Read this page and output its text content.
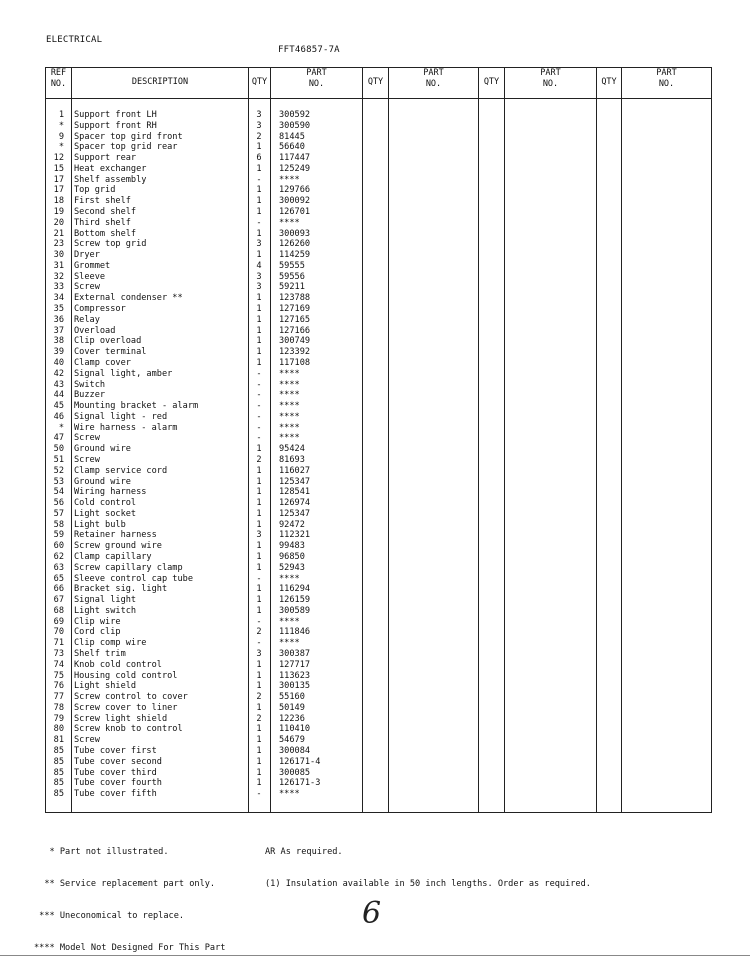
ELECTRICAL
FFT46857-7A
REF
NO.	DESCRIPTION	QTY
PART
NO.	QTY
PART
NO.	QTY
PART
NO.	QTY
PART
NO.
1 Support front LH	3	300592
* Support front RH	3	300590
9 Spacer top gird front	2	81445
* Spacer top grid rear	1	56640
12 Support rear	6	117447
15 Heat exchanger	1	125249
17 Shelf assembly	-	****
17 Top grid	1	129766
18 First shelf	1	300092
19 Second shelf	1	126701
20 Third shelf	-	****
21 Bottom shelf	1	300093
23 Screw top grid	3	126260
30 Dryer	1	114259
31 Grommet	4	59555
32 Sleeve	3	59556
33 Screw	3	59211
34 External condenser **	1	123788
35 Compressor	1	127169
36 Relay	1	127165
37 Overload	1	127166
38 Clip overload	1	300749
39 Cover terminal	1	123392
40 Clamp cover	1	117108
42 Signal light, amber	-	****
43 Switch	-	****
44 Buzzer	-	****
45 Mounting bracket - alarm	-	****
46 Signal light - red	-	****
* Wire harness - alarm	-	****
47 Screw	-	****
50 Ground wire	1	95424
51 Screw	2	81693
52 Clamp service cord	1	116027
53 Ground wire	1	125347
54 Wiring harness	1	128541
56 Cold control	1	126974
57 Light socket	1	125347
58 Light bulb	1	92472
59 Retainer harness	3	112321
60 Screw ground wire	1	99483
62 Clamp capillary	1	96850
63 Screw capillary clamp	1	52943
65 Sleeve control cap tube	-	****
66 Bracket sig. light	1	116294
67 Signal light	1	126159
68 Light switch	1	300589
69 Clip wire	-	****
70 Cord clip	2	111846
71 Clip comp wire	-	****
73 Shelf trim	3	300387
74 Knob cold control	1	127717
75 Housing cold control	1	113623
76 Light shield	1	300135
77 Screw control to cover	2	55160
78 Screw cover to liner	1	50149
79 Screw light shield	2	12236
80 Screw knob to control	1	110410
81 Screw	1	54679
85 Tube cover first	1	300084
85 Tube cover second	1	126171-4
85 Tube cover third	1	300085
85 Tube cover fourth	1	126171-3
85 Tube cover fifth	-	****

* Part not illustrated.

** Service replacement part only.

*** Uneconomical to replace.

**** Model Not Designed For This Part

AR As required.

(1) Insulation available in 50 inch lengths. Order as required.

6
